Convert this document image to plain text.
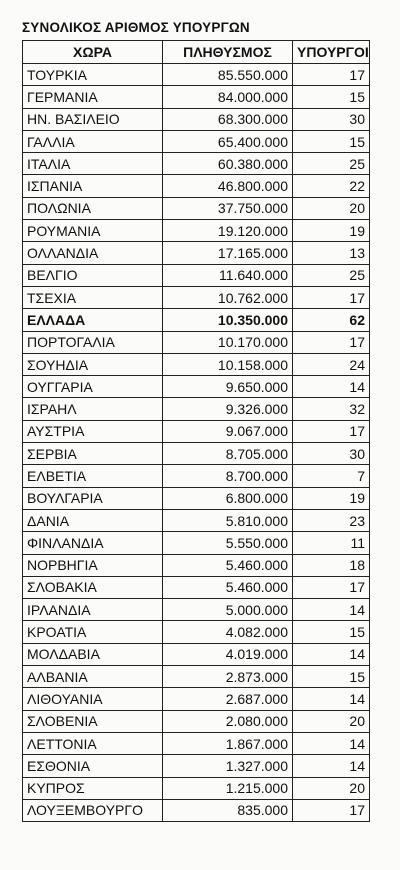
ΣΥΝΟΛΙΚΟΣ ΑΡΙΘΜΟΣ ΥΠΟΥΡΓΩΝ
ΧΩΡΑ	ΠΛΗΘΥΣΜΟΣ	ΥΠΟΥΡΓΟΙ
ΤΟΥΡΚΙΑ	85.550.000	17
ΓΕΡΜΑΝΙΑ	84.000.000	15
ΗΝ. ΒΑΣΙΛΕΙΟ	68.300.000	30
ΓΑΛΛΙΑ	65.400.000	15
ΙΤΑΛΙΑ	60.380.000	25
ΙΣΠΑΝΙΑ	46.800.000	22
ΠΟΛΩΝΙΑ	37.750.000	20
ΡΟΥΜΑΝΙΑ	19.120.000	19
ΟΛΛΑΝΔΙΑ	17.165.000	13
ΒΕΛΓΙΟ	11.640.000	25
ΤΣΕΧΙΑ	10.762.000	17
ΕΛΛΑΔΑ	10.350.000	62
ΠΟΡΤΟΓΑΛΙΑ	10.170.000	17
ΣΟΥΗΔΙΑ	10.158.000	24
ΟΥΓΓΑΡΙΑ	9.650.000	14
ΙΣΡΑΗΛ	9.326.000	32
ΑΥΣΤΡΙΑ	9.067.000	17
ΣΕΡΒΙΑ	8.705.000	30
ΕΛΒΕΤΙΑ	8.700.000	7
ΒΟΥΛΓΑΡΙΑ	6.800.000	19
ΔΑΝΙΑ	5.810.000	23
ΦΙΝΛΑΝΔΙΑ	5.550.000	11
ΝΟΡΒΗΓΙΑ	5.460.000	18
ΣΛΟΒΑΚΙΑ	5.460.000	17
ΙΡΛΑΝΔΙΑ	5.000.000	14
ΚΡΟΑΤΙΑ	4.082.000	15
ΜΟΛΔΑΒΙΑ	4.019.000	14
ΑΛΒΑΝΙΑ	2.873.000	15
ΛΙΘΟΥΑΝΙΑ	2.687.000	14
ΣΛΟΒΕΝΙΑ	2.080.000	20
ΛΕΤΤΟΝΙΑ	1.867.000	14
ΕΣΘΟΝΙΑ	1.327.000	14
ΚΥΠΡΟΣ	1.215.000	20
ΛΟΥΞΕΜΒΟΥΡΓΟ	835.000	17
